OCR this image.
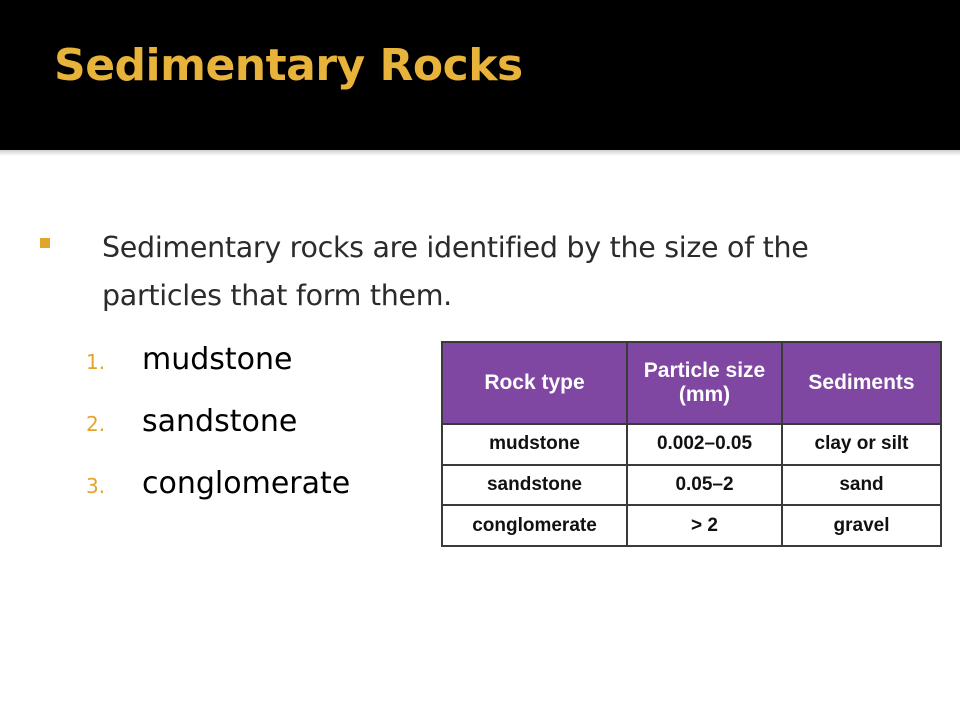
Sedimentary Rocks

Sedimentary rocks are identified by the size of the particles that form them.

1. mudstone
2. sandstone
3. conglomerate
Rock type	Particle size (mm)	Sediments
mudstone	0.002–0.05	clay or silt
sandstone	0.05–2	sand
conglomerate	> 2	gravel
